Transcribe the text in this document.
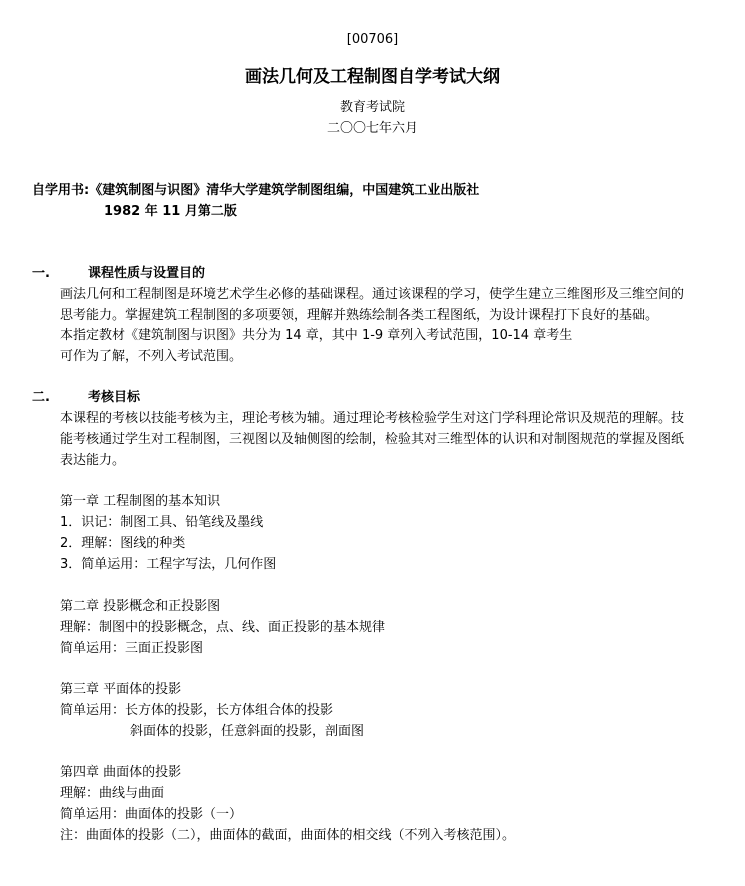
[00706]
画法几何及工程制图自学考试大纲
教育考试院
二〇〇七年六月
自学用书:《建筑制图与识图》清华大学建筑学制图组编，中国建筑工业出版社
1982 年 11 月第二版
一.	课程性质与设置目的
画法几何和工程制图是环境艺术学生必修的基础课程。通过该课程的学习，使学生建立三维图形及三维空间的
思考能力。掌握建筑工程制图的多项要领，理解并熟练绘制各类工程图纸，为设计课程打下良好的基础。
本指定教材《建筑制图与识图》共分为 14 章，其中 1-9 章列入考试范围，10-14 章考生
可作为了解，不列入考试范围。
二.	考核目标
本课程的考核以技能考核为主，理论考核为辅。通过理论考核检验学生对这门学科理论常识及规范的理解。技
能考核通过学生对工程制图，三视图以及轴侧图的绘制，检验其对三维型体的认识和对制图规范的掌握及图纸
表达能力。
第一章 工程制图的基本知识
1．识记：制图工具、铅笔线及墨线
2．理解：图线的种类
3．简单运用：工程字写法，几何作图
第二章 投影概念和正投影图
理解：制图中的投影概念，点、线、面正投影的基本规律
简单运用：三面正投影图
第三章 平面体的投影
简单运用：长方体的投影，长方体组合体的投影
斜面体的投影，任意斜面的投影，剖面图
第四章 曲面体的投影
理解：曲线与曲面
简单运用：曲面体的投影（一）
注：曲面体的投影（二），曲面体的截面，曲面体的相交线（不列入考核范围）。
